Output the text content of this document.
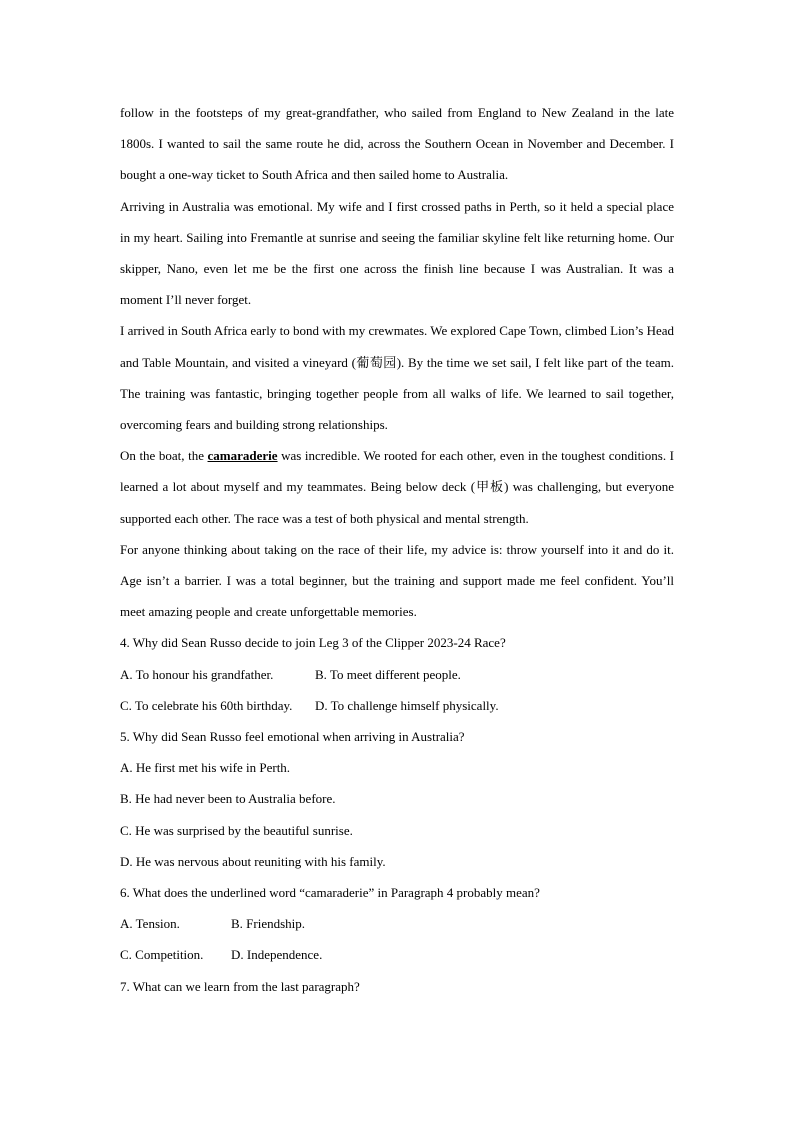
follow in the footsteps of my great-grandfather, who sailed from England to New Zealand in the late 1800s. I wanted to sail the same route he did, across the Southern Ocean in November and December. I bought a one-way ticket to South Africa and then sailed home to Australia.

Arriving in Australia was emotional. My wife and I first crossed paths in Perth, so it held a special place in my heart. Sailing into Fremantle at sunrise and seeing the familiar skyline felt like returning home. Our skipper, Nano, even let me be the first one across the finish line because I was Australian. It was a moment I’ll never forget.

I arrived in South Africa early to bond with my crewmates. We explored Cape Town, climbed Lion’s Head and Table Mountain, and visited a vineyard (葡萄园). By the time we set sail, I felt like part of the team. The training was fantastic, bringing together people from all walks of life. We learned to sail together, overcoming fears and building strong relationships.

On the boat, the camaraderie was incredible. We rooted for each other, even in the toughest conditions. I learned a lot about myself and my teammates. Being below deck (甲板) was challenging, but everyone supported each other. The race was a test of both physical and mental strength.

For anyone thinking about taking on the race of their life, my advice is: throw yourself into it and do it. Age isn’t a barrier. I was a total beginner, but the training and support made me feel confident. You’ll meet amazing people and create unforgettable memories.

4. Why did Sean Russo decide to join Leg 3 of the Clipper 2023-24 Race?

A. To honour his grandfather.	B. To meet different people.
C. To celebrate his 60th birthday.	D. To challenge himself physically.

5. Why did Sean Russo feel emotional when arriving in Australia?

A. He first met his wife in Perth.

B. He had never been to Australia before.

C. He was surprised by the beautiful sunrise.

D. He was nervous about reuniting with his family.

6. What does the underlined word “camaraderie” in Paragraph 4 probably mean?

A. Tension.	B. Friendship.
C. Competition.	D. Independence.

7. What can we learn from the last paragraph?
